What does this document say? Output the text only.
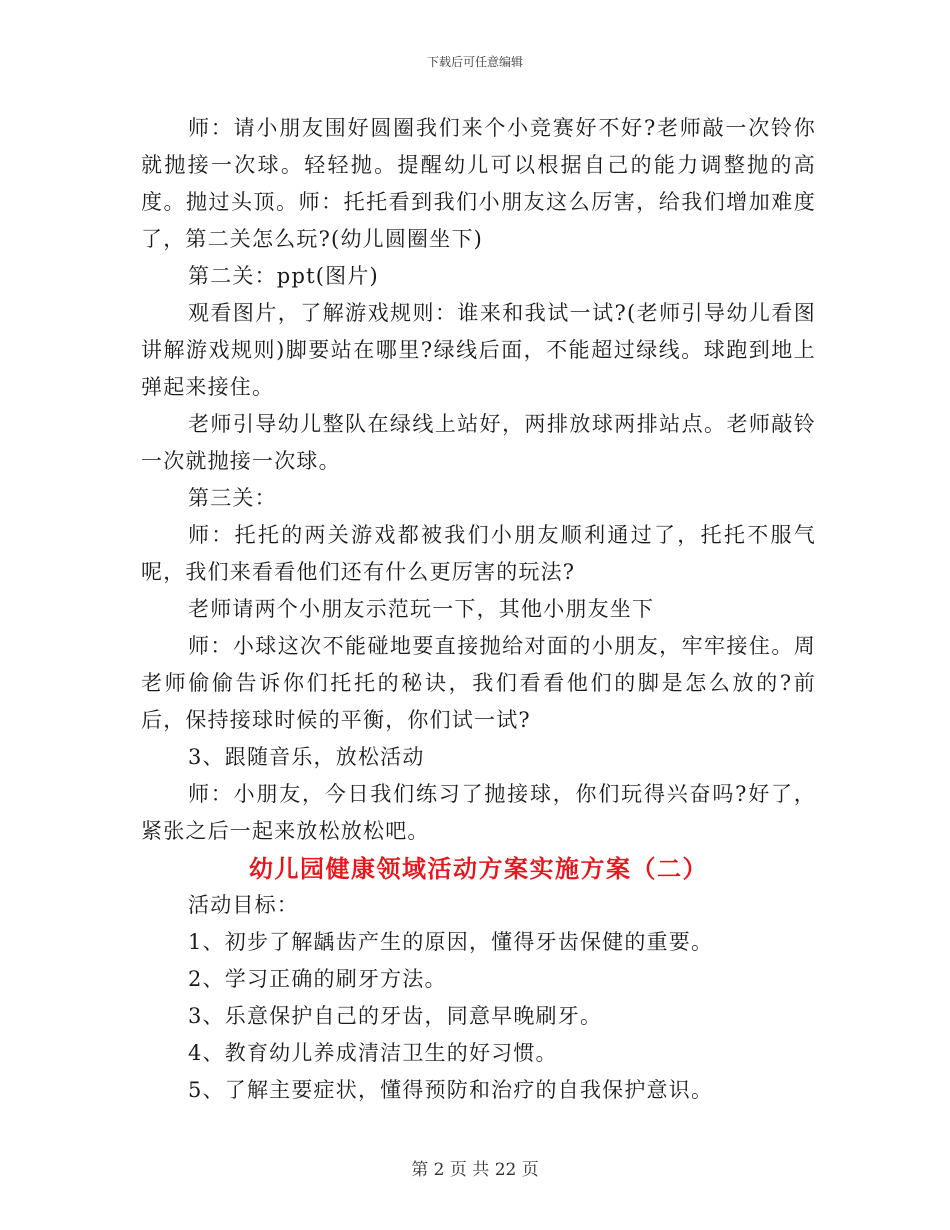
下载后可任意编辑

师：请小朋友围好圆圈我们来个小竞赛好不好?老师敲一次铃你就抛接一次球。轻轻抛。提醒幼儿可以根据自己的能力调整抛的高度。抛过头顶。师：托托看到我们小朋友这么厉害，给我们增加难度了，第二关怎么玩?(幼儿圆圈坐下)

第二关：ppt(图片)

观看图片，了解游戏规则：谁来和我试一试?(老师引导幼儿看图讲解游戏规则)脚要站在哪里?绿线后面，不能超过绿线。球跑到地上弹起来接住。

老师引导幼儿整队在绿线上站好，两排放球两排站点。老师敲铃一次就抛接一次球。

第三关：

师：托托的两关游戏都被我们小朋友顺利通过了，托托不服气呢，我们来看看他们还有什么更厉害的玩法?

老师请两个小朋友示范玩一下，其他小朋友坐下

师：小球这次不能碰地要直接抛给对面的小朋友，牢牢接住。周老师偷偷告诉你们托托的秘诀，我们看看他们的脚是怎么放的?前后，保持接球时候的平衡，你们试一试?

3、跟随音乐，放松活动

师：小朋友，今日我们练习了抛接球，你们玩得兴奋吗?好了，紧张之后一起来放松放松吧。

幼儿园健康领域活动方案实施方案（二）

活动目标：

1、初步了解龋齿产生的原因，懂得牙齿保健的重要。

2、学习正确的刷牙方法。

3、乐意保护自己的牙齿，同意早晚刷牙。

4、教育幼儿养成清洁卫生的好习惯。

5、了解主要症状，懂得预防和治疗的自我保护意识。

第 2 页 共 22 页
